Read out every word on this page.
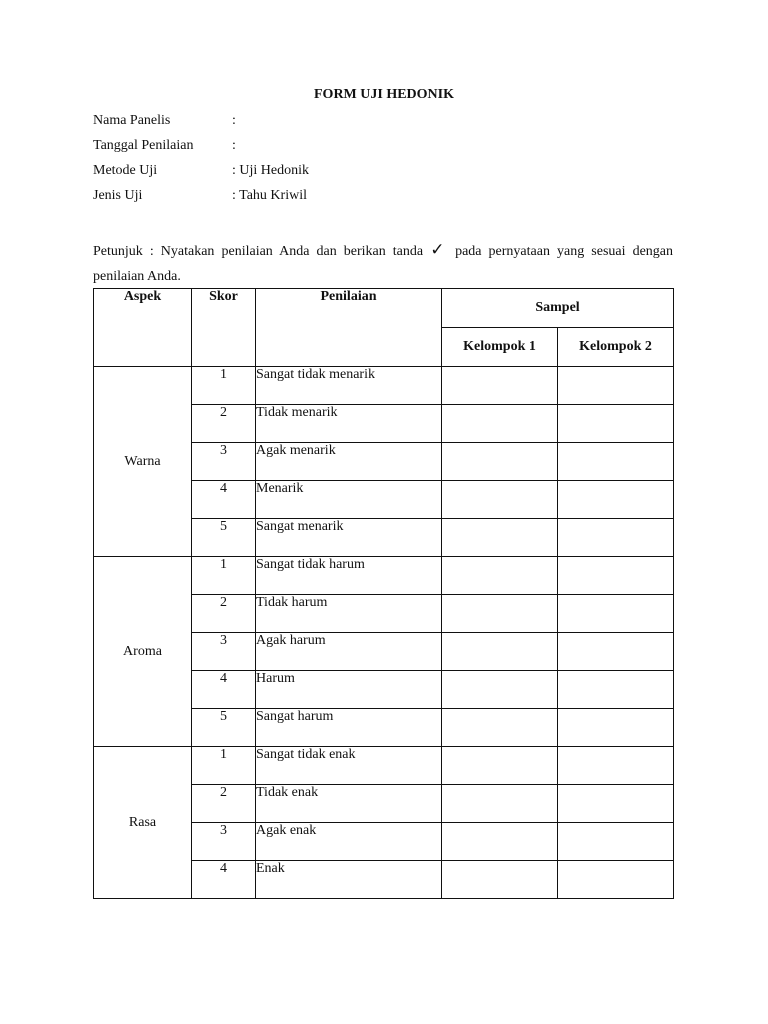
FORM UJI HEDONIK
Nama Panelis	:
Tanggal Penilaian	:
Metode Uji	: Uji Hedonik
Jenis Uji	: Tahu Kriwil
Petunjuk : Nyatakan penilaian Anda dan berikan tanda ✓ pada pernyataan yang sesuai dengan penilaian Anda.
Aspek	Skor	Penilaian	Sampel	
			Kelompok 1	Kelompok 2
Warna	1	Sangat tidak menarik		
	2	Tidak menarik		
	3	Agak menarik		
	4	Menarik		
	5	Sangat menarik		
Aroma	1	Sangat tidak harum		
	2	Tidak harum		
	3	Agak harum		
	4	Harum		
	5	Sangat harum		
Rasa	1	Sangat tidak enak		
	2	Tidak enak		
	3	Agak enak		
	4	Enak		
